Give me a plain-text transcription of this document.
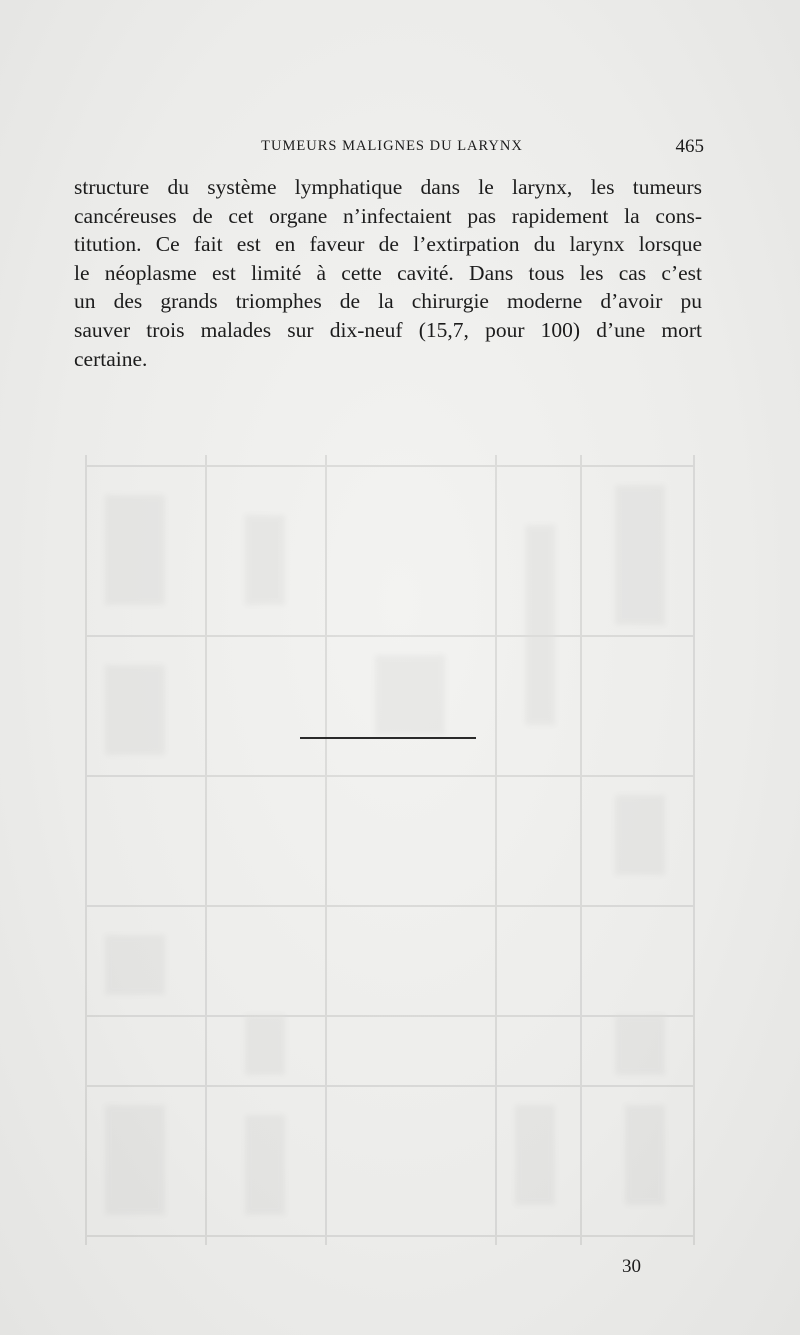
TUMEURS MALIGNES DU LARYNX	465
structure du système lymphatique dans le larynx, les tumeurs
cancéreuses de cet organe n’infectaient pas rapidement la cons-
titution. Ce fait est en faveur de l’extirpation du larynx lorsque
le néoplasme est limité à cette cavité. Dans tous les cas c’est
un des grands triomphes de la chirurgie moderne d’avoir pu
sauver trois malades sur dix-neuf (15,7, pour 100) d’une mort
certaine.
30
